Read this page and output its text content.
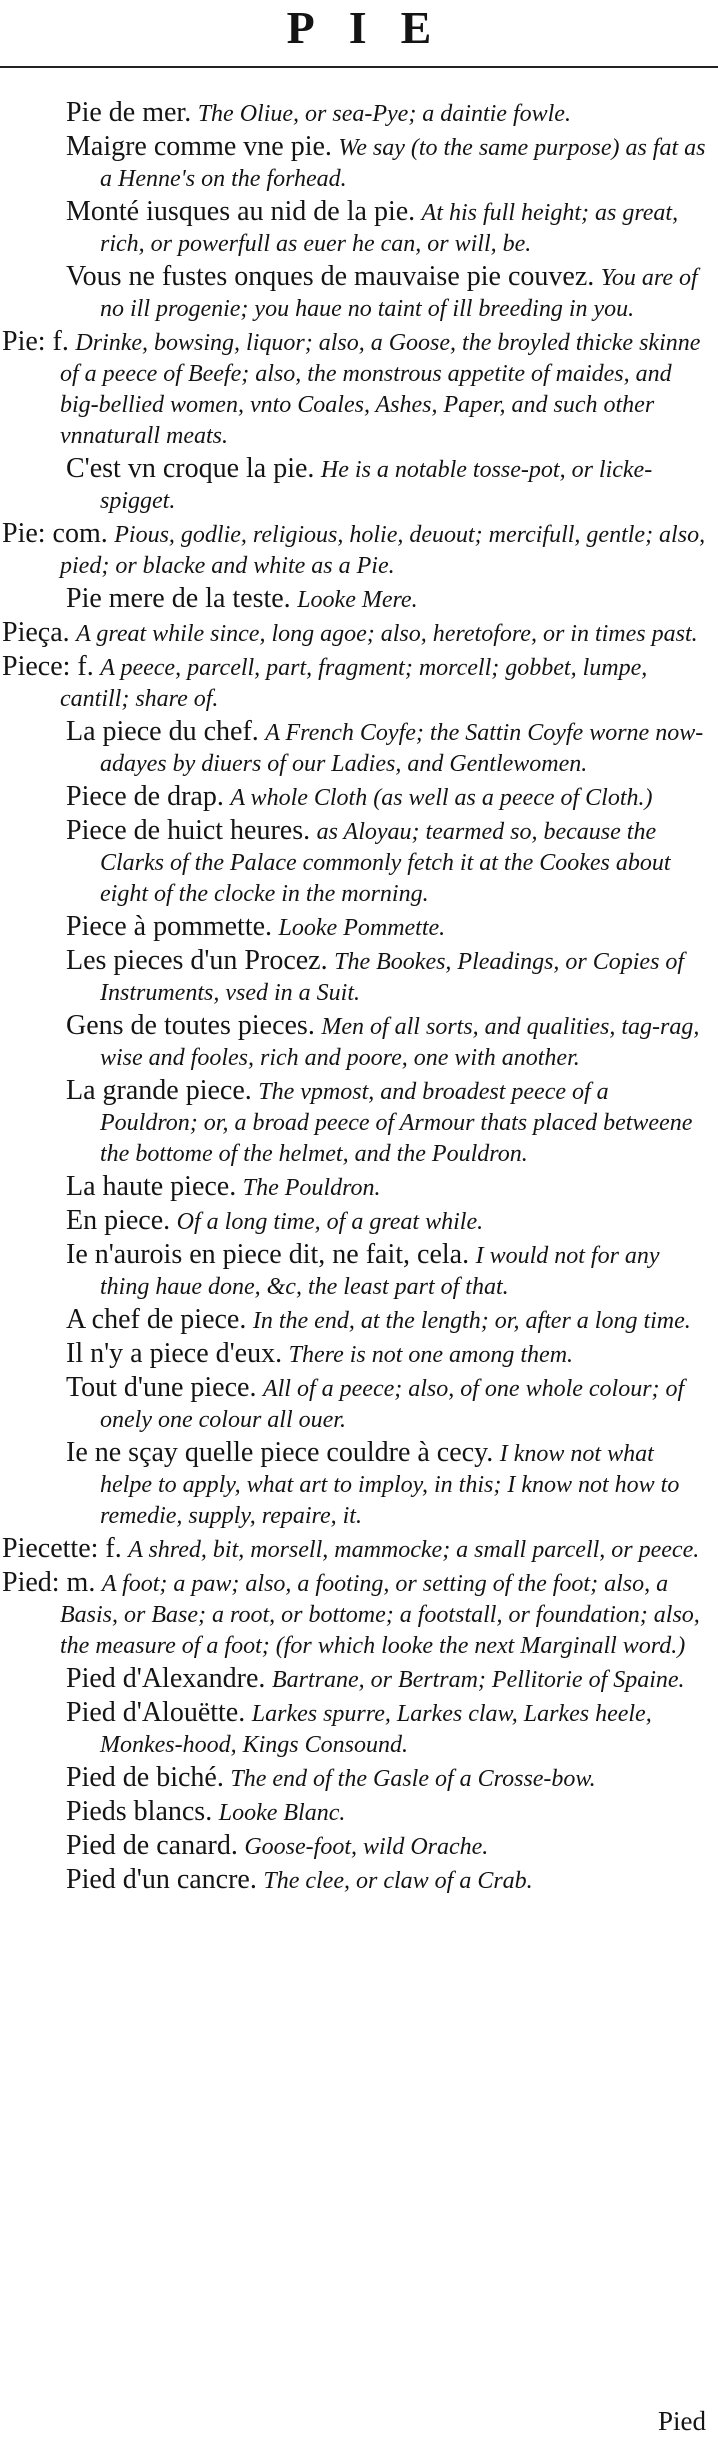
PIE
Pie de mer. The Oliue, or sea-Pye; a daintie fowle.
Maigre comme vne pie. We say (to the same purpose) as fat as a Henne's on the forhead.
Monté iusques au nid de la pie. At his full height; as great, rich, or powerfull as euer he can, or will, be.
Vous ne fustes onques de mauvaise pie couvez. You are of no ill progenie; you haue no taint of ill breeding in you.
Pie: f. Drinke, bowsing, liquor; also, a Goose, the broyled thicke skinne of a peece of Beefe; also, the monstrous appetite of maides, and big-bellied women, vnto Coales, Ashes, Paper, and such other vnnaturall meats.
C'est vn croque la pie. He is a notable tosse-pot, or licke-spigget.
Pie: com. Pious, godlie, religious, holie, deuout; mercifull, gentle; also, pied; or blacke and white as a Pie.
Pie mere de la teste. Looke Mere.
Pieça. A great while since, long agoe; also, heretofore, or in times past.
Piece: f. A peece, parcell, part, fragment; morcell; gobbet, lumpe, cantill; share of.
La piece du chef. A French Coyfe; the Sattin Coyfe worne now-adayes by diuers of our Ladies, and Gentlewomen.
Piece de drap. A whole Cloth (as well as a peece of Cloth.)
Piece de huict heures. as Aloyau; tearmed so, because the Clarks of the Palace commonly fetch it at the Cookes about eight of the clocke in the morning.
Piece à pommette. Looke Pommette.
Les pieces d'un Procez. The Bookes, Pleadings, or Copies of Instruments, vsed in a Suit.
Gens de toutes pieces. Men of all sorts, and qualities, tag-rag, wise and fooles, rich and poore, one with another.
La grande piece. The vpmost, and broadest peece of a Pouldron; or, a broad peece of Armour thats placed betweene the bottome of the helmet, and the Pouldron.
La haute piece. The Pouldron.
En piece. Of a long time, of a great while.
Ie n'aurois en piece dit, ne fait, cela. I would not for any thing haue done, &c, the least part of that.
A chef de piece. In the end, at the length; or, after a long time.
Il n'y a piece d'eux. There is not one among them.
Tout d'une piece. All of a peece; also, of one whole colour; of onely one colour all ouer.
Ie ne sçay quelle piece couldre à cecy. I know not what helpe to apply, what art to imploy, in this; I know not how to remedie, supply, repaire, it.
Piecette: f. A shred, bit, morsell, mammocke; a small parcell, or peece.
Pied: m. A foot; a paw; also, a footing, or setting of the foot; also, a Basis, or Base; a root, or bottome; a footstall, or foundation; also, the measure of a foot; (for which looke the next Marginall word.)
Pied d'Alexandre. Bartrane, or Bertram; Pellitorie of Spaine.
Pied d'Alouëtte. Larkes spurre, Larkes claw, Larkes heele, Monkes-hood, Kings Consound.
Pied de biché. The end of the Gasle of a Crosse-bow.
Pieds blancs. Looke Blanc.
Pied de canard. Goose-foot, wild Orache.
Pied d'un cancre. The clee, or claw of a Crab.
Pied
